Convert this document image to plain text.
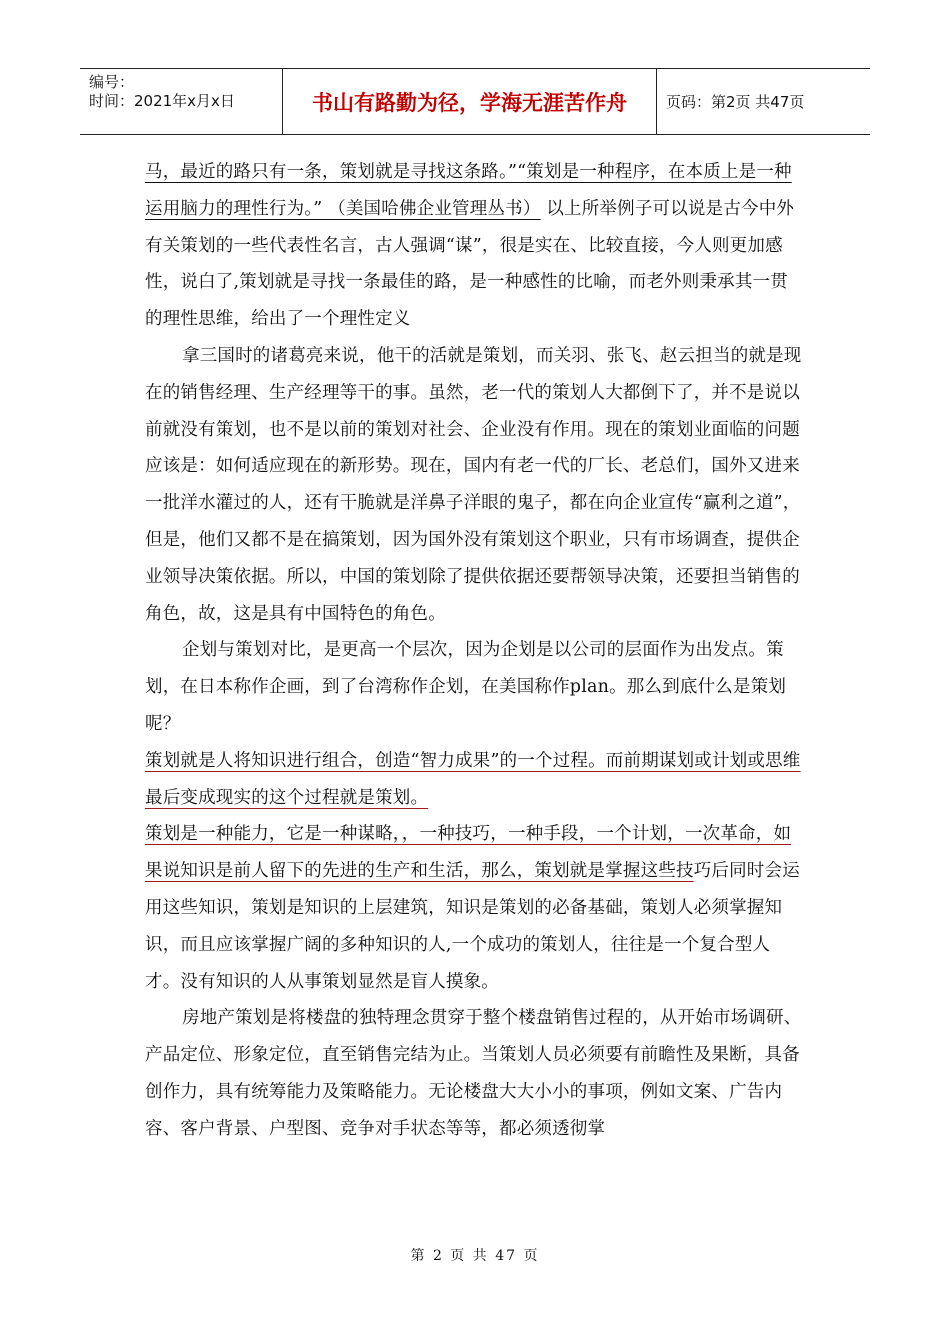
编号：
时间：2021年x月x日	书山有路勤为径，学海无涯苦作舟	页码：第2页 共47页

马，最近的路只有一条，策划就是寻找这条路。”“策划是一种程序，在本质上是一种运用脑力的理性行为。” （美国哈佛企业管理丛书） 以上所举例子可以说是古今中外有关策划的一些代表性名言，古人强调“谋”，很是实在、比较直接，今人则更加感性，说白了,策划就是寻找一条最佳的路，是一种感性的比喻，而老外则秉承其一贯的理性思维，给出了一个理性定义

拿三国时的诸葛亮来说，他干的活就是策划，而关羽、张飞、赵云担当的就是现在的销售经理、生产经理等干的事。虽然，老一代的策划人大都倒下了，并不是说以前就没有策划，也不是以前的策划对社会、企业没有作用。现在的策划业面临的问题应该是：如何适应现在的新形势。现在，国内有老一代的厂长、老总们，国外又进来一批洋水灌过的人，还有干脆就是洋鼻子洋眼的鬼子，都在向企业宣传“赢利之道”，但是，他们又都不是在搞策划，因为国外没有策划这个职业，只有市场调查，提供企业领导决策依据。所以，中国的策划除了提供依据还要帮领导决策，还要担当销售的角色，故，这是具有中国特色的角色。

企划与策划对比，是更高一个层次，因为企划是以公司的层面作为出发点。策划，在日本称作企画，到了台湾称作企划，在美国称作plan。那么到底什么是策划呢？

策划就是人将知识进行组合，创造“智力成果”的一个过程。而前期谋划或计划或思维最后变成现实的这个过程就是策划。

策划是一种能力，它是一种谋略，，一种技巧，一种手段，一个计划，一次革命，如果说知识是前人留下的先进的生产和生活，那么，策划就是掌握这些技巧后同时会运用这些知识，策划是知识的上层建筑，知识是策划的必备基础，策划人必须掌握知识，而且应该掌握广阔的多种知识的人,一个成功的策划人，往往是一个复合型人才。没有知识的人从事策划显然是盲人摸象。

房地产策划是将楼盘的独特理念贯穿于整个楼盘销售过程的，从开始市场调研、产品定位、形象定位，直至销售完结为止。当策划人员必须要有前瞻性及果断，具备创作力，具有统筹能力及策略能力。无论楼盘大大小小的事项，例如文案、广告内容、客户背景、户型图、竞争对手状态等等，都必须透彻掌

第 2 页 共 47 页
